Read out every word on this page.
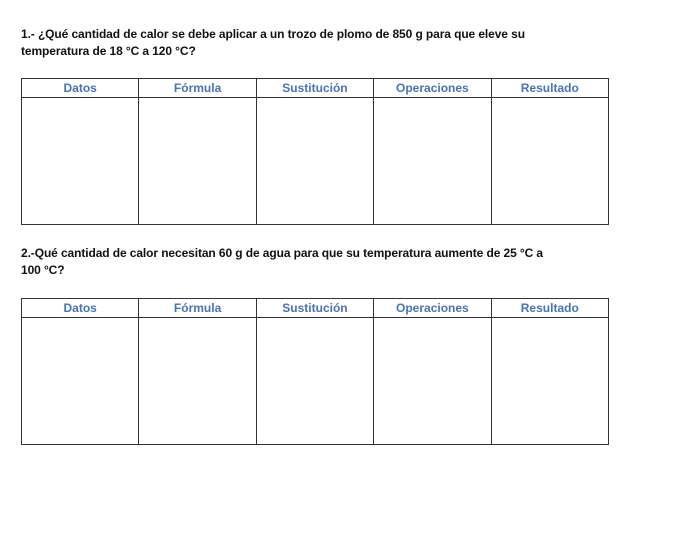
1.- ¿Qué cantidad de calor se debe aplicar a un trozo de plomo de 850 g para que eleve su
temperatura de 18 °C a 120 °C?
Datos	Fórmula	Sustitución	Operaciones	Resultado

2.-Qué cantidad de calor necesitan 60 g de agua para que su temperatura aumente de 25 °C a
100 °C?
Datos	Fórmula	Sustitución	Operaciones	Resultado
